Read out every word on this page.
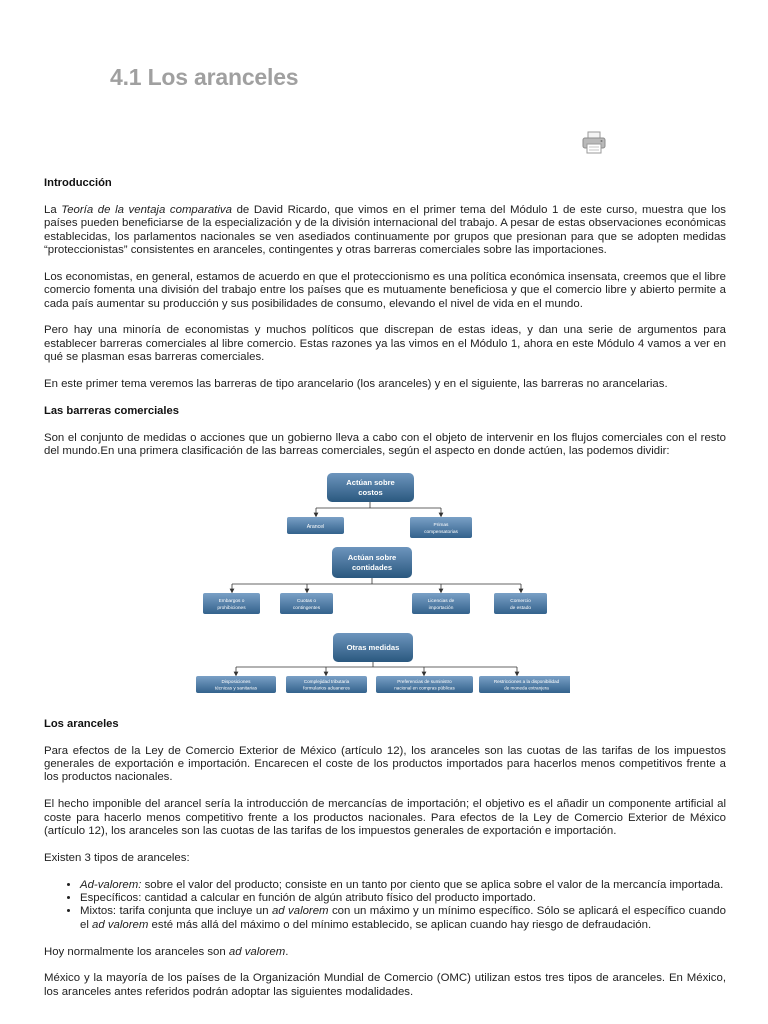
4.1 Los aranceles
Introducción

La Teoría de la ventaja comparativa de David Ricardo, que vimos en el primer tema del Módulo 1 de este curso, muestra que los países pueden beneficiarse de la especialización y de la división internacional del trabajo. A pesar de estas observaciones económicas establecidas, los parlamentos nacionales se ven asediados continuamente por grupos que presionan para que se adopten medidas “proteccionistas” consistentes en aranceles, contingentes y otras barreras comerciales sobre las importaciones.

Los economistas, en general, estamos de acuerdo en que el proteccionismo es una política económica insensata, creemos que el libre comercio fomenta una división del trabajo entre los países que es mutuamente beneficiosa y que el comercio libre y abierto permite a cada país aumentar su producción y sus posibilidades de consumo, elevando el nivel de vida en el mundo.

Pero hay una minoría de economistas y muchos políticos que discrepan de estas ideas, y dan una serie de argumentos para establecer barreras comerciales al libre comercio. Estas razones ya las vimos en el Módulo 1, ahora en este Módulo 4 vamos a ver en qué se plasman esas barreras comerciales.

En este primer tema veremos las barreras de tipo arancelario (los aranceles) y en el siguiente, las barreras no arancelarias.

Las barreras comerciales

Son el conjunto de medidas o acciones que un gobierno lleva a cabo con el objeto de intervenir en los flujos comerciales con el resto del mundo.En una primera clasificación de las barreas comerciales, según el aspecto en donde actúen, las podemos dividir:

Actúan sobre
costos
Arancel	Primas
compensatorias
Actúan sobre
contidades
Embargos o
prohibiciones
Cuotas o
contingentes
Licencias de
importación
Comercio
de estado
Otras medidas
Disposiciones
técnicas y sanitarias
Complejidad tributaria
formularios aduaneros
Preferencias de suministro
nacional en compras públicas
Restricciones a la disponibilidad
de moneda extranjera
Los aranceles

Para efectos de la Ley de Comercio Exterior de México (artículo 12), los aranceles son las cuotas de las tarifas de los impuestos generales de exportación e importación. Encarecen el coste de los productos importados para hacerlos menos competitivos frente a los productos nacionales.

El hecho imponible del arancel sería la introducción de mercancías de importación; el objetivo es el añadir un componente artificial al coste para hacerlo menos competitivo frente a los productos nacionales. Para efectos de la Ley de Comercio Exterior de México (artículo 12), los aranceles son las cuotas de las tarifas de los impuestos generales de exportación e importación.

Existen 3 tipos de aranceles:

• Ad-valorem: sobre el valor del producto; consiste en un tanto por ciento que se aplica sobre el valor de la mercancía importada.
• Específicos: cantidad a calcular en función de algún atributo físico del producto importado.
• Mixtos: tarifa conjunta que incluye un ad valorem con un máximo y un mínimo específico. Sólo se aplicará el específico cuando el ad valorem esté más allá del máximo o del mínimo establecido, se aplican cuando hay riesgo de defraudación.

Hoy normalmente los aranceles son ad valorem.

México y la mayoría de los países de la Organización Mundial de Comercio (OMC) utilizan estos tres tipos de aranceles. En México, los aranceles antes referidos podrán adoptar las siguientes modalidades.
